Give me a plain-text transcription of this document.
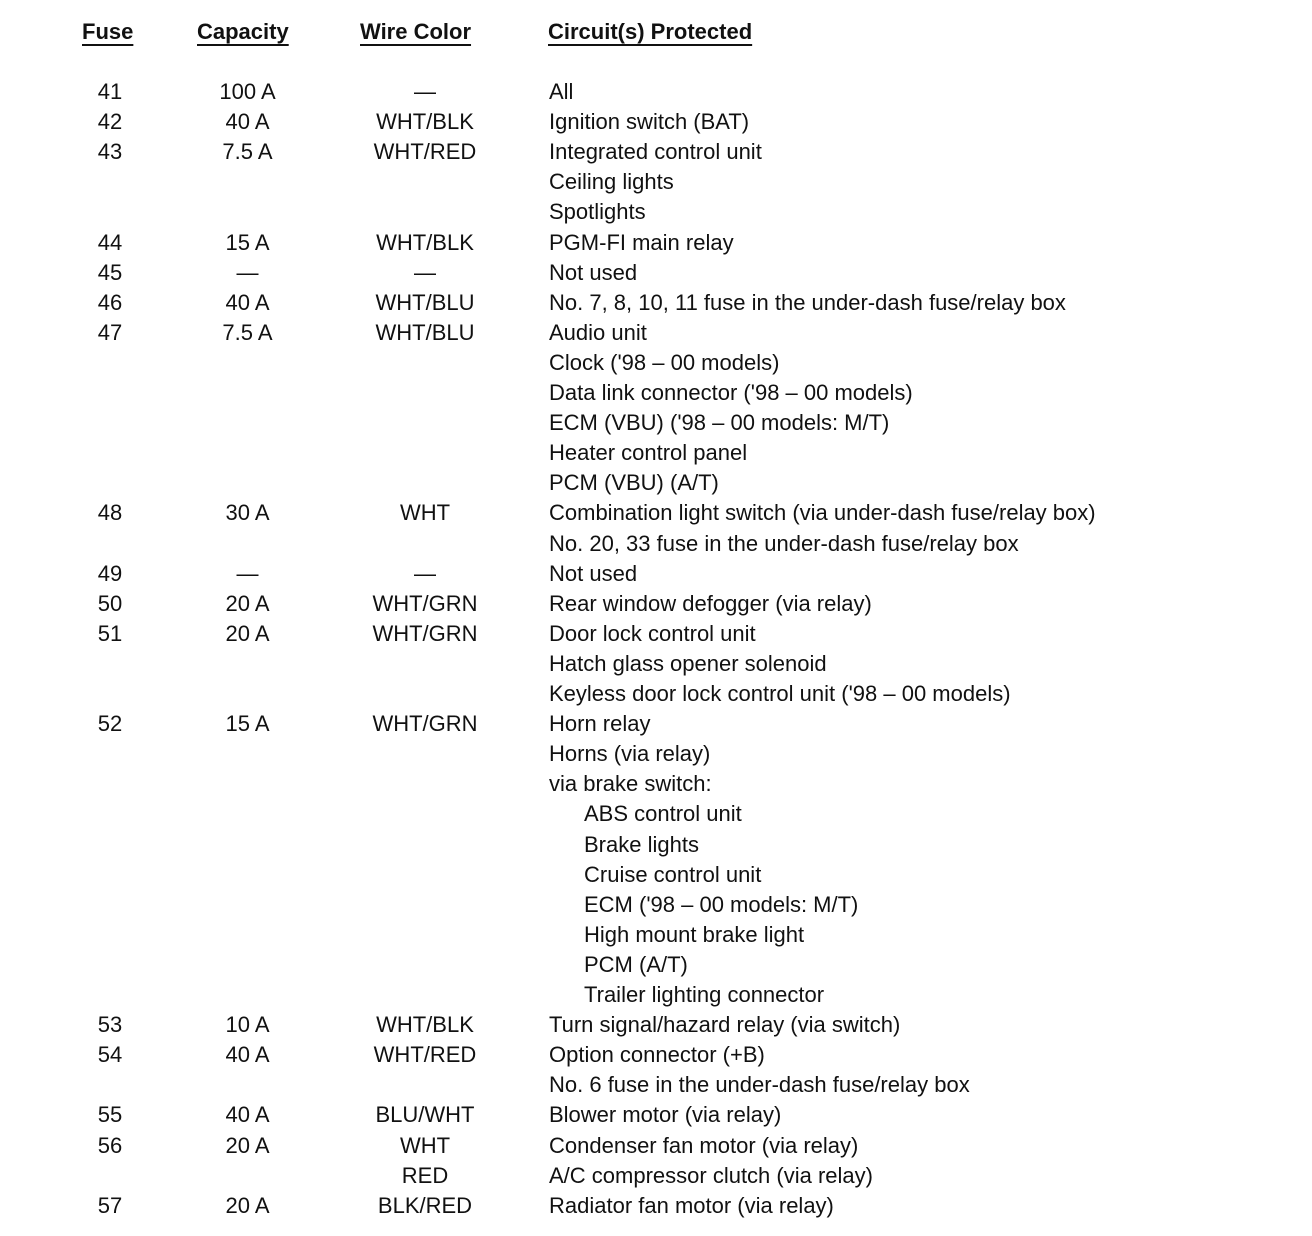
Fuse	Capacity	Wire Color	Circuit(s) Protected
41	100 A	—	All
42	40 A	WHT/BLK	Ignition switch (BAT)
43	7.5 A	WHT/RED	Integrated control unit
Ceiling lights
Spotlights
44	15 A	WHT/BLK	PGM-FI main relay
45	—	—	Not used
46	40 A	WHT/BLU	No. 7, 8, 10, 11 fuse in the under-dash fuse/relay box
47	7.5 A	WHT/BLU	Audio unit
Clock ('98 – 00 models)
Data link connector ('98 – 00 models)
ECM (VBU) ('98 – 00 models: M/T)
Heater control panel
PCM (VBU) (A/T)
48	30 A	WHT	Combination light switch (via under-dash fuse/relay box)
No. 20, 33 fuse in the under-dash fuse/relay box
49	—	—	Not used
50	20 A	WHT/GRN	Rear window defogger (via relay)
51	20 A	WHT/GRN	Door lock control unit
Hatch glass opener solenoid
Keyless door lock control unit ('98 – 00 models)
52	15 A	WHT/GRN	Horn relay
Horns (via relay)
via brake switch:
ABS control unit
Brake lights
Cruise control unit
ECM ('98 – 00 models: M/T)
High mount brake light
PCM (A/T)
Trailer lighting connector
53	10 A	WHT/BLK	Turn signal/hazard relay (via switch)
54	40 A	WHT/RED	Option connector (+B)
No. 6 fuse in the under-dash fuse/relay box
55	40 A	BLU/WHT	Blower motor (via relay)
56	20 A	WHT	Condenser fan motor (via relay)
RED	A/C compressor clutch (via relay)
57	20 A	BLK/RED	Radiator fan motor (via relay)
